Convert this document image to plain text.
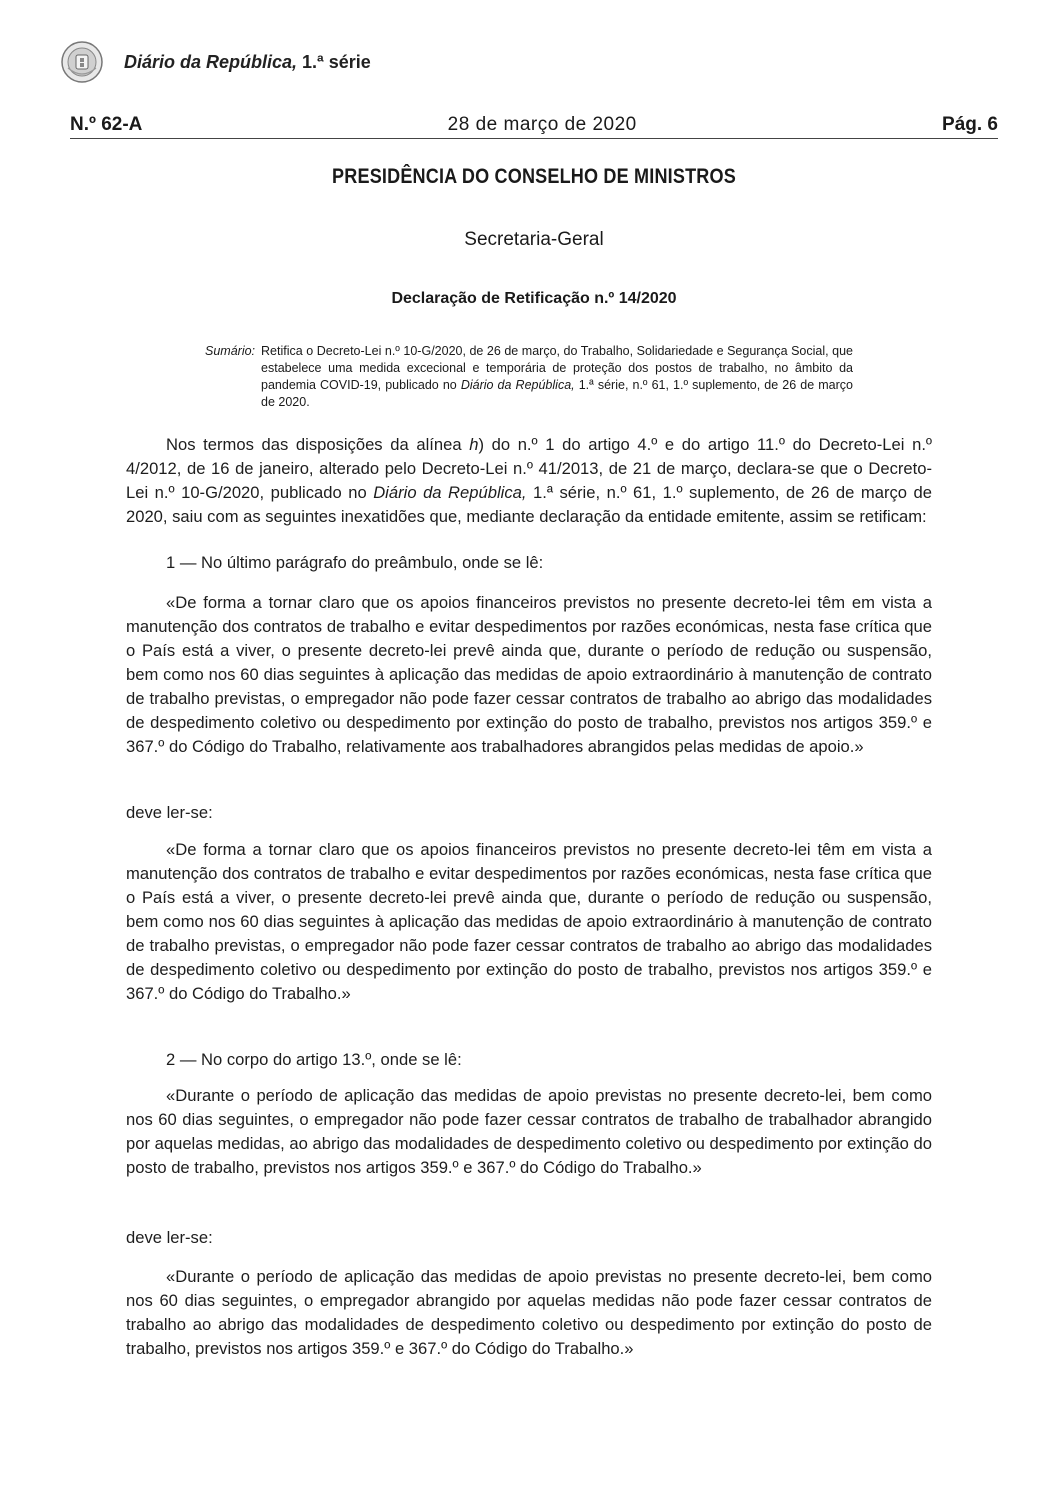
Diário da República, 1.ª série
N.º 62-A	28 de março de 2020	Pág. 6
PRESIDÊNCIA DO CONSELHO DE MINISTROS
Secretaria-Geral
Declaração de Retificação n.º 14/2020
Sumário: Retifica o Decreto-Lei n.º 10-G/2020, de 26 de março, do Trabalho, Solidariedade e Segurança Social, que estabelece uma medida excecional e temporária de proteção dos postos de trabalho, no âmbito da pandemia COVID-19, publicado no Diário da República, 1.ª série, n.º 61, 1.º suplemento, de 26 de março de 2020.

Nos termos das disposições da alínea h) do n.º 1 do artigo 4.º e do artigo 11.º do Decreto-Lei n.º 4/2012, de 16 de janeiro, alterado pelo Decreto-Lei n.º 41/2013, de 21 de março, declara-se que o Decreto-Lei n.º 10-G/2020, publicado no Diário da República, 1.ª série, n.º 61, 1.º suplemento, de 26 de março de 2020, saiu com as seguintes inexatidões que, mediante declaração da entidade emitente, assim se retificam:

1 — No último parágrafo do preâmbulo, onde se lê:

«De forma a tornar claro que os apoios financeiros previstos no presente decreto-lei têm em vista a manutenção dos contratos de trabalho e evitar despedimentos por razões económicas, nesta fase crítica que o País está a viver, o presente decreto-lei prevê ainda que, durante o período de redução ou suspensão, bem como nos 60 dias seguintes à aplicação das medidas de apoio extraordinário à manutenção de contrato de trabalho previstas, o empregador não pode fazer cessar contratos de trabalho ao abrigo das modalidades de despedimento coletivo ou despedimento por extinção do posto de trabalho, previstos nos artigos 359.º e 367.º do Código do Trabalho, relativamente aos trabalhadores abrangidos pelas medidas de apoio.»

deve ler-se:

«De forma a tornar claro que os apoios financeiros previstos no presente decreto-lei têm em vista a manutenção dos contratos de trabalho e evitar despedimentos por razões económicas, nesta fase crítica que o País está a viver, o presente decreto-lei prevê ainda que, durante o período de redução ou suspensão, bem como nos 60 dias seguintes à aplicação das medidas de apoio extraordinário à manutenção de contrato de trabalho previstas, o empregador não pode fazer cessar contratos de trabalho ao abrigo das modalidades de despedimento coletivo ou despedimento por extinção do posto de trabalho, previstos nos artigos 359.º e 367.º do Código do Trabalho.»

2 — No corpo do artigo 13.º, onde se lê:

«Durante o período de aplicação das medidas de apoio previstas no presente decreto-lei, bem como nos 60 dias seguintes, o empregador não pode fazer cessar contratos de trabalho de trabalhador abrangido por aquelas medidas, ao abrigo das modalidades de despedimento coletivo ou despedimento por extinção do posto de trabalho, previstos nos artigos 359.º e 367.º do Código do Trabalho.»

deve ler-se:

«Durante o período de aplicação das medidas de apoio previstas no presente decreto-lei, bem como nos 60 dias seguintes, o empregador abrangido por aquelas medidas não pode fazer cessar contratos de trabalho ao abrigo das modalidades de despedimento coletivo ou despedimento por extinção do posto de trabalho, previstos nos artigos 359.º e 367.º do Código do Trabalho.»
